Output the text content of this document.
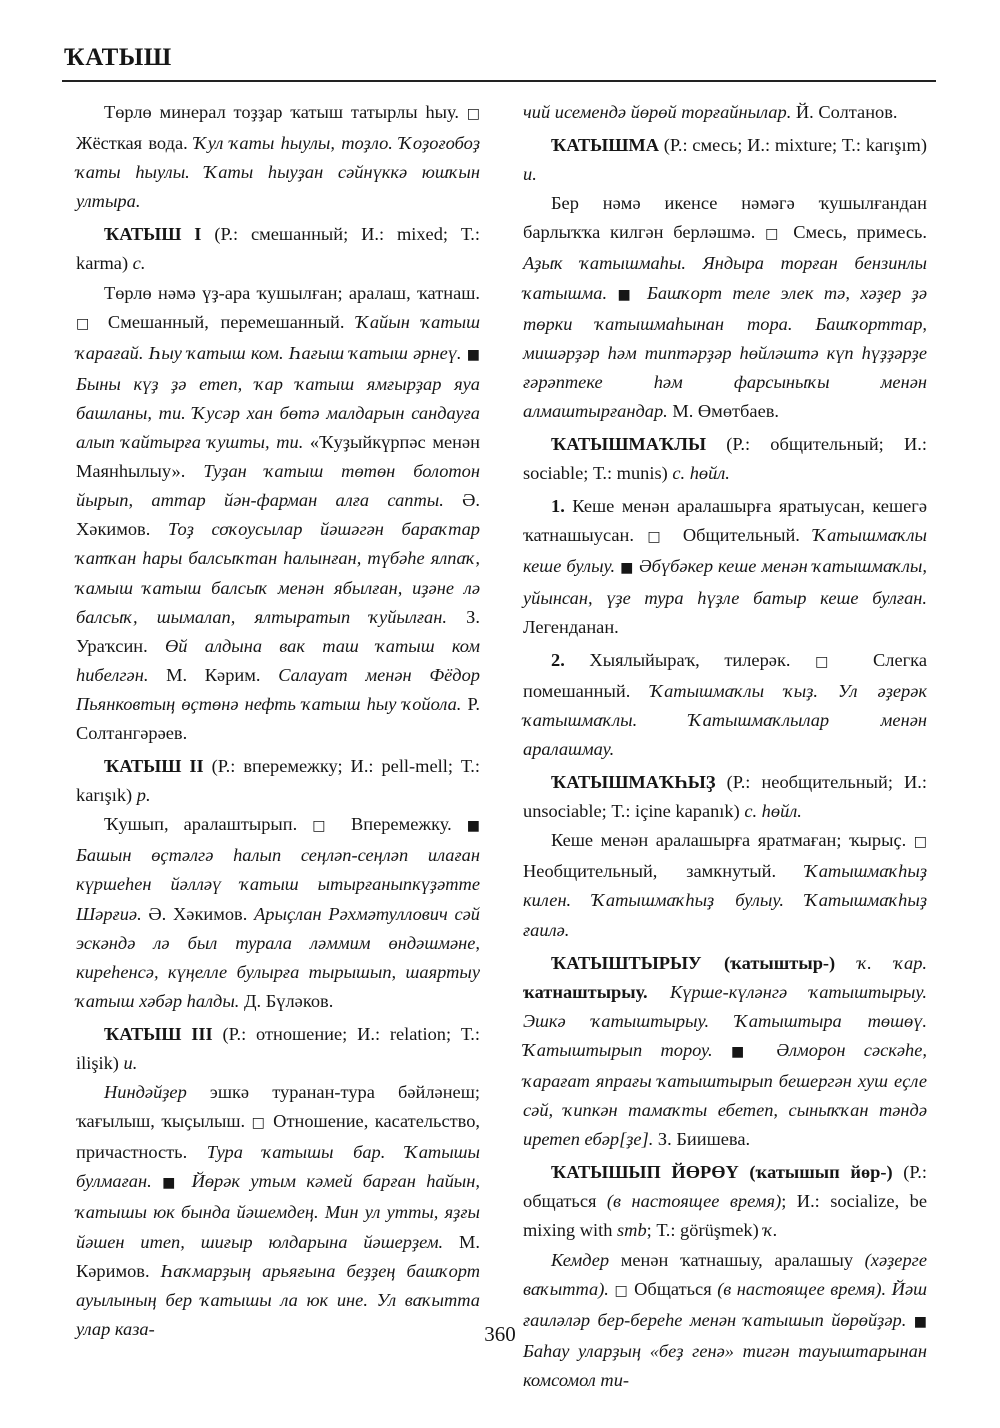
ҠАТЫШ

Төрлө минерал тоҙҙар ҡатыш татырлы һыу. □ Жёсткая вода. Ҡул ҡаты һыулы, тоҙло. Ҡоҙоғобоҙ ҡаты һыулы. Ҡаты һыуҙан сәйнүккә юшҡын ултыра.

ҠАТЫШ I (Р.: смешанный; И.: mixed; Т.: karma) с.

Төрлө нәмә үҙ-ара ҡушылған; аралаш, ҡатнаш. □ Смешанный, перемешанный. Ҡайын ҡатыш ҡарағай. Һыу ҡатыш ком. Һағыш ҡатыш әрнеү. ■ Быны күҙ ҙә етеп, ҡар ҡатыш ямғырҙар яуа башланы, ти. Ҡусәр хан бөтә малдарын сандауға алып ҡайтырға ҡушты, ти. «Ҡуҙыйкүрпәс менән Маянһылыу». Туҙан ҡатыш төтөн болотон йырып, аттар йән-фарман алға сапты. Ә. Хәкимов. Тоҙ соҡоусылар йәшәгән бараҡтар ҡатҡан һары балсыҡтан һалынған, түбәһе ялпаҡ, ҡамыш ҡатыш балсыҡ менән ябылған, иҙәне лә балсыҡ, шымалап, ялтыратып ҡуйылған. З. Ураҡсин. Өй алдына вак таш ҡатыш ком һибелгән. М. Кәрим. Салауат менән Фёдор Пьянковтың өҫтөнә нефть ҡатыш һыу ҡойола. Р. Солтангәрәев.

ҠАТЫШ II (Р.: вперемежку; И.: pell-mell; Т.: karışık) р.

Ҡушып, аралаштырып. □ Вперемежку. ■ Башын өҫтәлгә һалып сеңләп-сеңләп илаған күршеһен йәлләү ҡатыш ытырғаныпкүҙәтте Шәрғиә. Ә. Хәкимов. Арыҫлан Рәхмәтуллович сәй эскәндә лә был турала ләммим өндәшмәне, киреһенсә, күңелле булырға тырышып, шаяртыу ҡатыш хәбәр һалды. Д. Бүләков.

ҠАТЫШ III (Р.: отношение; И.: relation; Т.: ilişik) и.

Ниндәйҙер эшкә туранан-тура бәйләнеш; ҡағылыш, ҡыҫылыш. □ Отношение, касательство, причастность. Тура ҡатышы бар. Ҡатышы булмаған. ■ Йөрәк утым кәмей барған һайын, ҡатышы юк бында йәшемдең. Мин ул утты, яҙғы йәшен итеп, шиғыр юлдарына йәшерҙем. М. Кәримов. Һаҡмарҙың арьяғына беҙҙең башҡорт ауылының бер ҡатышы ла юк ине. Ул ваҡытта улар каза-

чий исемендә йөрөй торғайнылар. Й. Солтанов.

ҠАТЫШМА (Р.: смесь; И.: mixture; Т.: karışım) и.

Бер нәмә икенсе нәмәгә ҡушылғандан барлыҡҡа килгән берләшмә. □ Смесь, примесь. Аҙыҡ ҡатышмаһы. Яндыра торған бензинлы ҡатышма. ■ Башҡорт теле элек тә, хәҙер ҙә төрки ҡатышмаһынан тора. Башҡорттар, мишәрҙәр һәм типтәрҙәр һөйләштә күп һүҙҙәрҙе ғәрәптеке һәм фарсыныҡы менән алмаштырғандар. М. Өмөтбаев.

ҠАТЫШМАҠЛЫ (Р.: общительный; И.: sociable; Т.: munis) с. һөйл.

1. Кеше менән аралашырға яратыусан, кешегә ҡатнашыусан. □ Общительный. Ҡатышмаҡлы кеше булыу. ■ Әбүбәкер кеше менән ҡатышмаҡлы, уйынсан, үҙе тура һүҙле батыр кеше булған. Легенданан.

2. Хыялыйыраҡ, тилерәк. □ Слегка помешанный. Ҡатышмаҡлы ҡыҙ. Ул әҙерәк ҡатышмаҡлы. Ҡатышмаҡлылар менән аралашмау.

ҠАТЫШМАҠҺЫҘ (Р.: необщительный; И.: unsociable; Т.: içine kapanık) с. һөйл.

Кеше менән аралашырға яратмаған; ҡырыҫ. □ Необщительный, замкнутый. Ҡатышмаҡһыҙ килен. Ҡатышмаҡһыҙ булыу. Ҡатышмаҡһыҙ ғаилә.

ҠАТЫШТЫРЫУ (ҡатыштыр-) ҡ. ҡар. ҡатнаштырыу. Күрше-күләнгә ҡатыштырыу. Эшкә ҡатыштырыу. Ҡатыштыра төшөү. Ҡатыштырып тороу. ■ Әлморон сәскәһе, ҡарағат япрағы ҡатыштырып бешергән хуш еҫле сәй, ҡипкән тамаҡты ебетеп, сыныҡҡан тәндә иретеп ебәр[ҙе]. З. Биишева.

ҠАТЫШЫП ЙӨРӨҮ (ҡатышып йөр-) (Р.: общаться (в настоящее время); И.: socialize, be mixing with smb; Т.: görüşmek) ҡ.

Кемдер менән ҡатнашыу, аралашыу (хәҙерге ваҡытта). □ Общаться (в настоящее время). Йәш ғаиләләр бер-береһе менән ҡатышып йөрөйҙәр. ■ Баһау уларҙың «беҙ генә» тигән тауыштарынан комсомол ти-

360
